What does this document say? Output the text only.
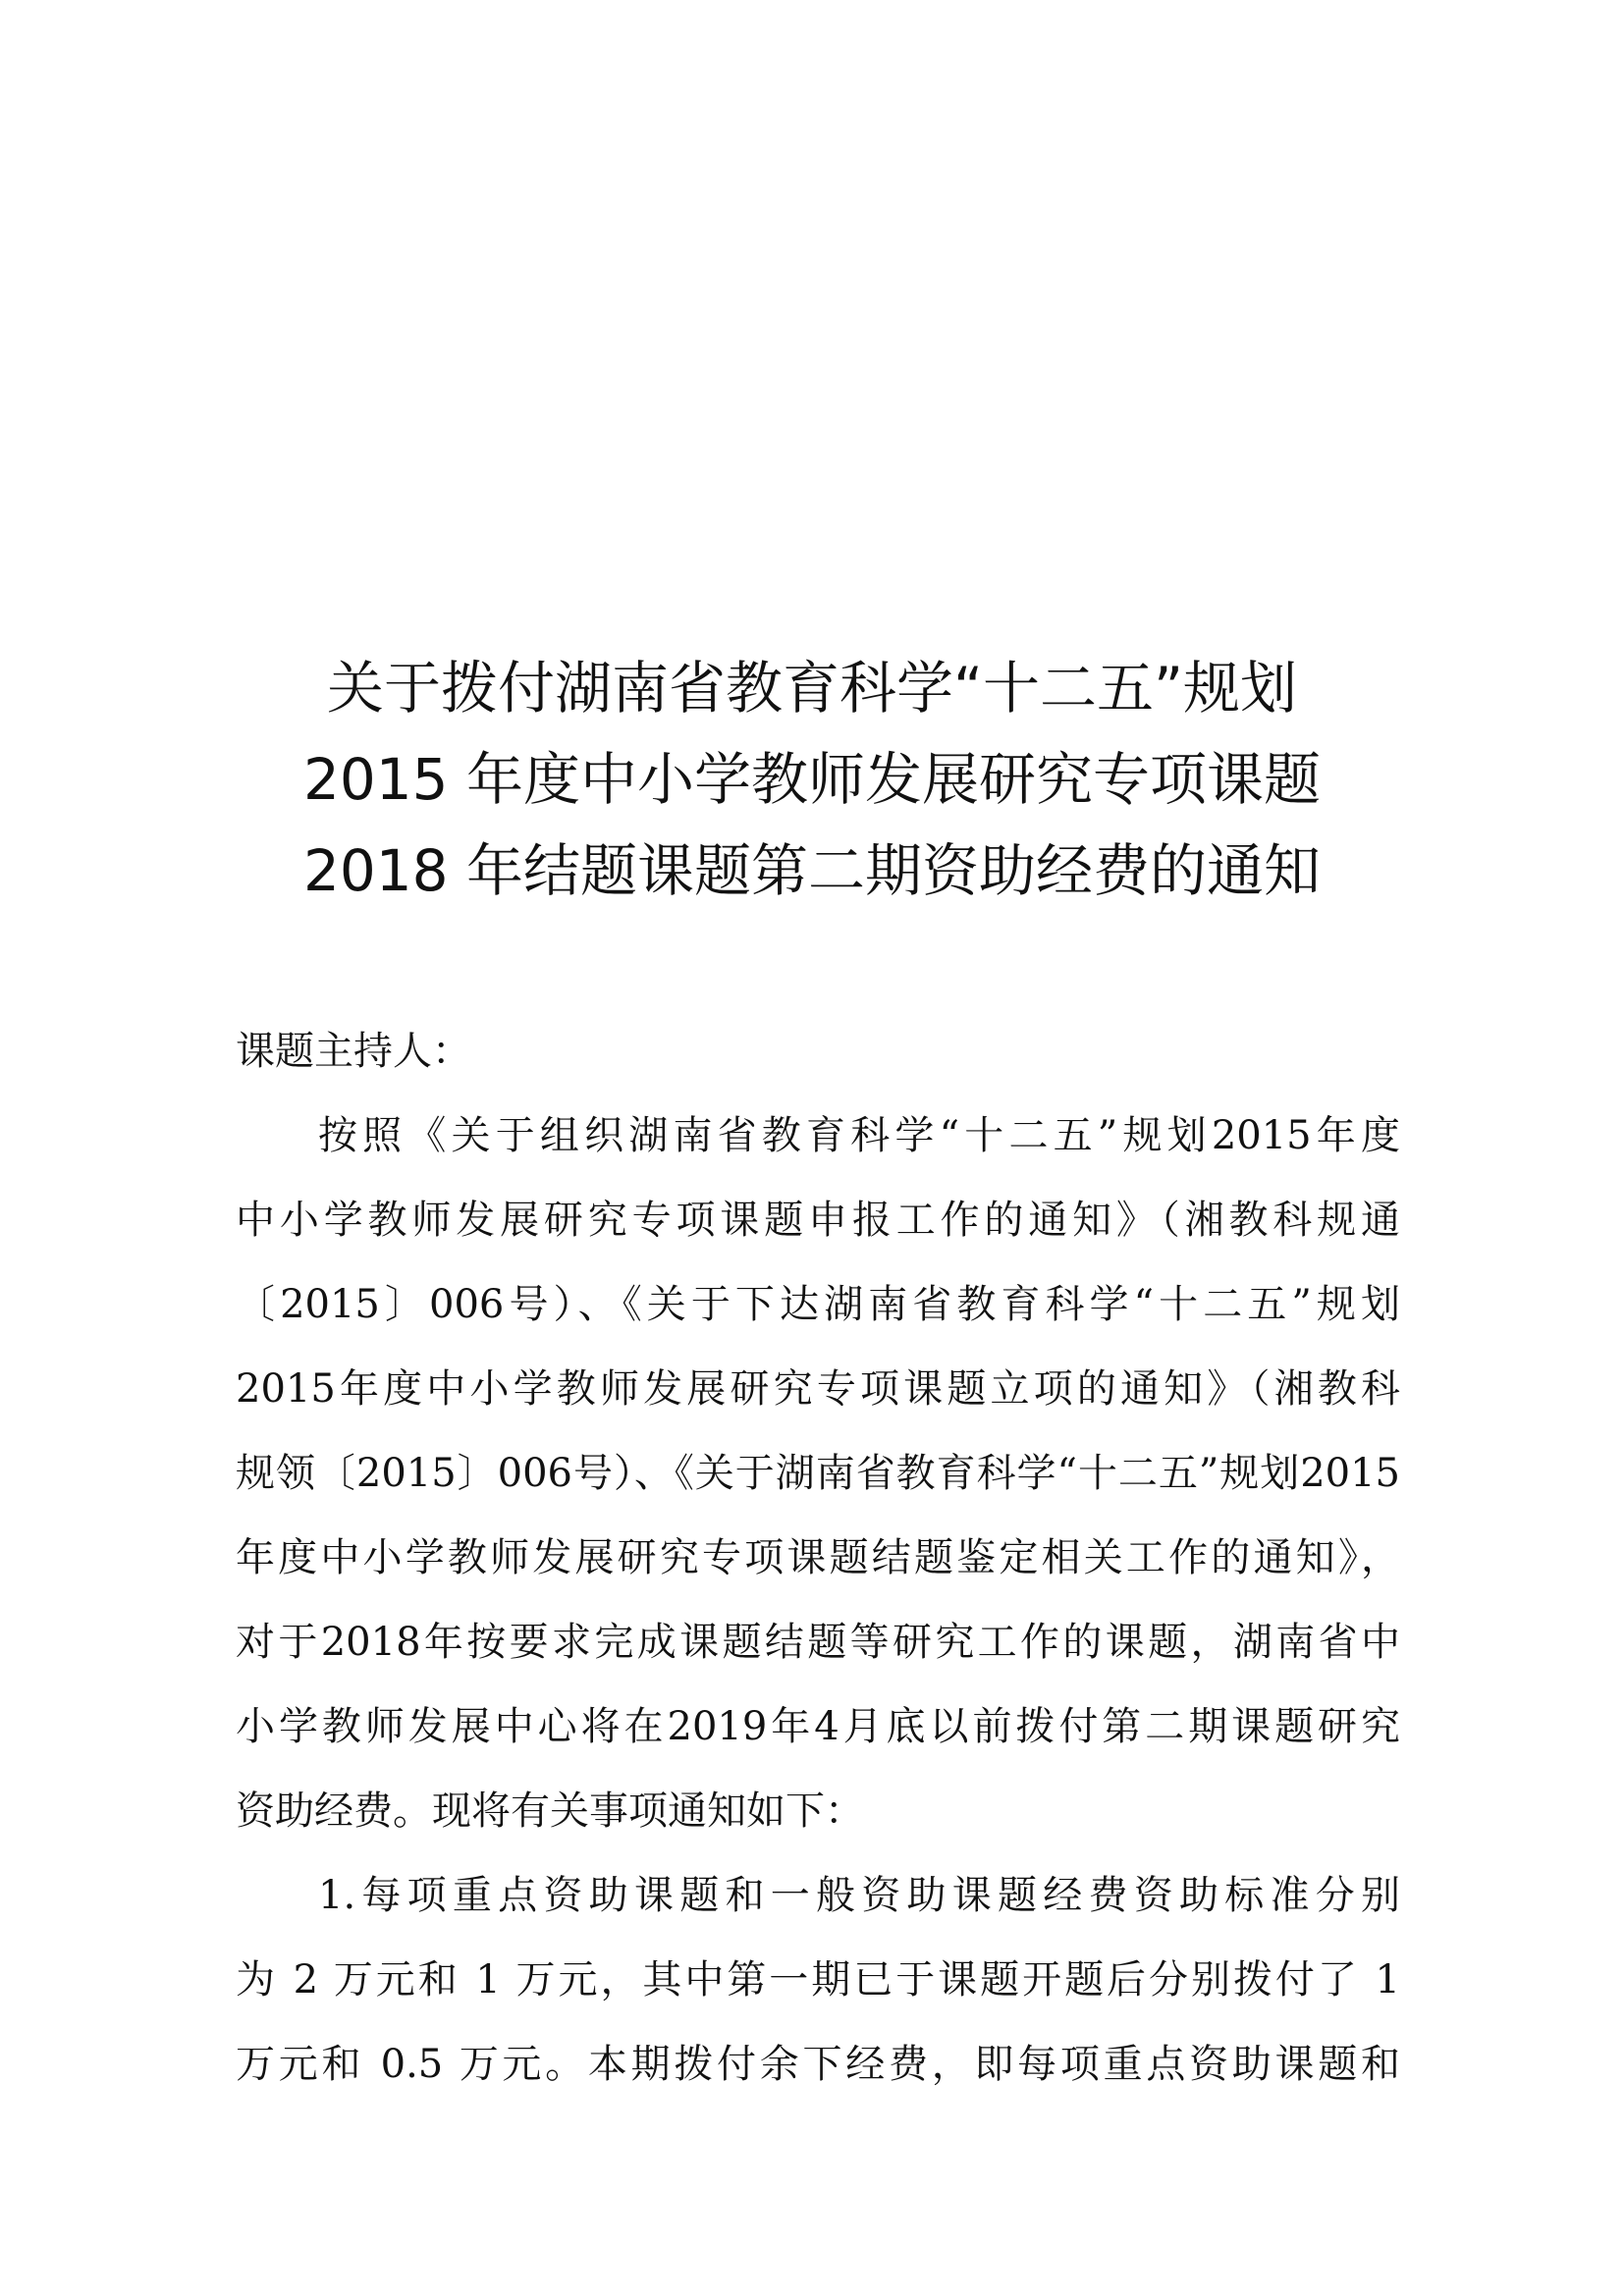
关于拨付湖南省教育科学“十二五”规划
2015 年度中小学教师发展研究专项课题
2018 年结题课题第二期资助经费的通知
课题主持人：
按照《关于组织湖南省教育科学“十二五”规划2015年度
中小学教师发展研究专项课题申报工作的通知》（湘教科规通
〔2015〕006号）、《关于下达湖南省教育科学“十二五”规划
2015年度中小学教师发展研究专项课题立项的通知》（湘教科
规领〔2015〕006号）、《关于湖南省教育科学“十二五”规划2015
年度中小学教师发展研究专项课题结题鉴定相关工作的通知》，
对于2018年按要求完成课题结题等研究工作的课题，湖南省中
小学教师发展中心将在2019年4月底以前拨付第二期课题研究
资助经费。现将有关事项通知如下：
1.每项重点资助课题和一般资助课题经费资助标准分别
为 2 万元和 1 万元，其中第一期已于课题开题后分别拨付了 1
万元和 0.5 万元。本期拨付余下经费，即每项重点资助课题和
